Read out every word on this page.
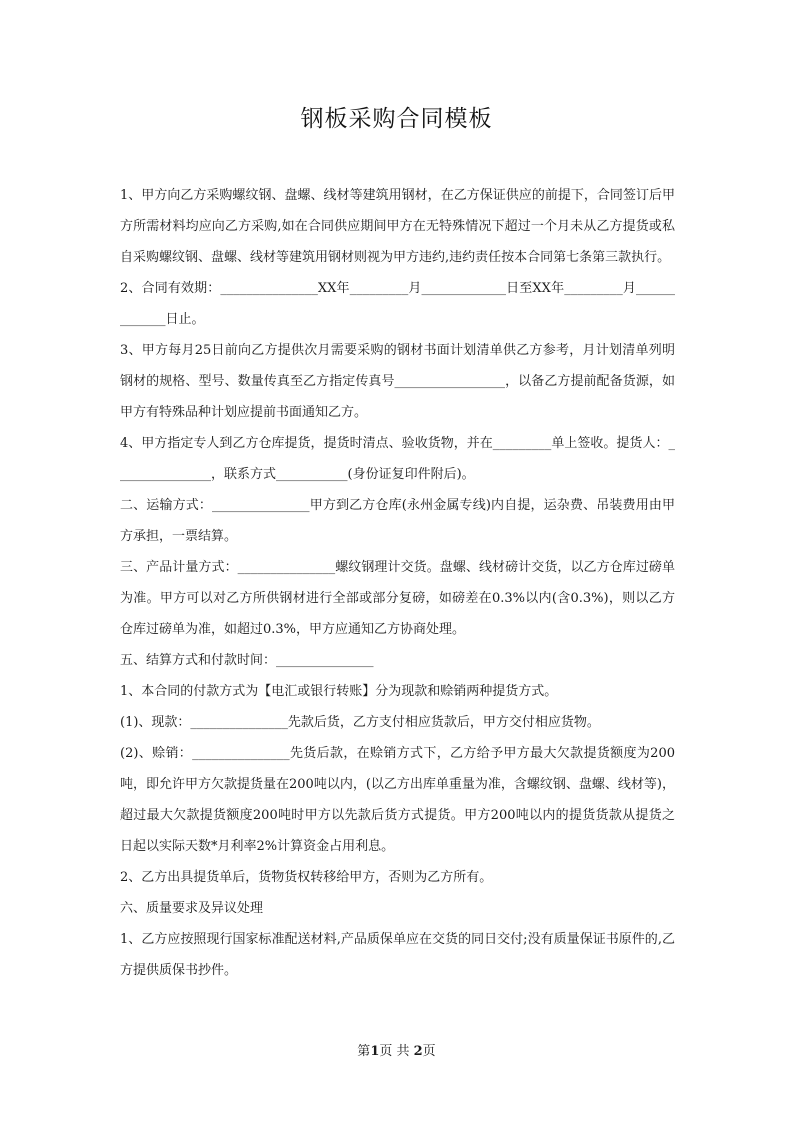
钢板采购合同模板

1、甲方向乙方采购螺纹钢、盘螺、线材等建筑用钢材，在乙方保证供应的前提下，合同签订后甲方所需材料均应向乙方采购,如在合同供应期间甲方在无特殊情况下超过一个月未从乙方提货或私自采购螺纹钢、盘螺、线材等建筑用钢材则视为甲方违约,违约责任按本合同第七条第三款执行。

2、合同有效期：_______________XX年_________月_____________日至XX年_________月_____________日止。

3、甲方每月25日前向乙方提供次月需要采购的钢材书面计划清单供乙方参考，月计划清单列明钢材的规格、型号、数量传真至乙方指定传真号_________________，以备乙方提前配备货源，如甲方有特殊品种计划应提前书面通知乙方。

4、甲方指定专人到乙方仓库提货，提货时清点、验收货物，并在_________单上签收。提货人：_______________，联系方式___________(身份证复印件附后)。

二、运输方式：_______________甲方到乙方仓库(永州金属专线)内自提，运杂费、吊装费用由甲方承担，一票结算。

三、产品计量方式：_______________螺纹钢理计交货。盘螺、线材磅计交货，以乙方仓库过磅单为准。甲方可以对乙方所供钢材进行全部或部分复磅，如磅差在0.3%以内(含0.3%)，则以乙方仓库过磅单为准，如超过0.3%，甲方应通知乙方协商处理。

五、结算方式和付款时间：_______________

1、本合同的付款方式为【电汇或银行转账】分为现款和赊销两种提货方式。

(1)、现款：_______________先款后货，乙方支付相应货款后，甲方交付相应货物。

(2)、赊销：_______________先货后款，在赊销方式下，乙方给予甲方最大欠款提货额度为200吨，即允许甲方欠款提货量在200吨以内，(以乙方出库单重量为准，含螺纹钢、盘螺、线材等)，超过最大欠款提货额度200吨时甲方以先款后货方式提货。甲方200吨以内的提货货款从提货之日起以实际天数*月利率2%计算资金占用利息。

2、乙方出具提货单后，货物货权转移给甲方，否则为乙方所有。

六、质量要求及异议处理

1、乙方应按照现行国家标准配送材料,产品质保单应在交货的同日交付;没有质量保证书原件的,乙方提供质保书抄件。

第1页 共 2页
